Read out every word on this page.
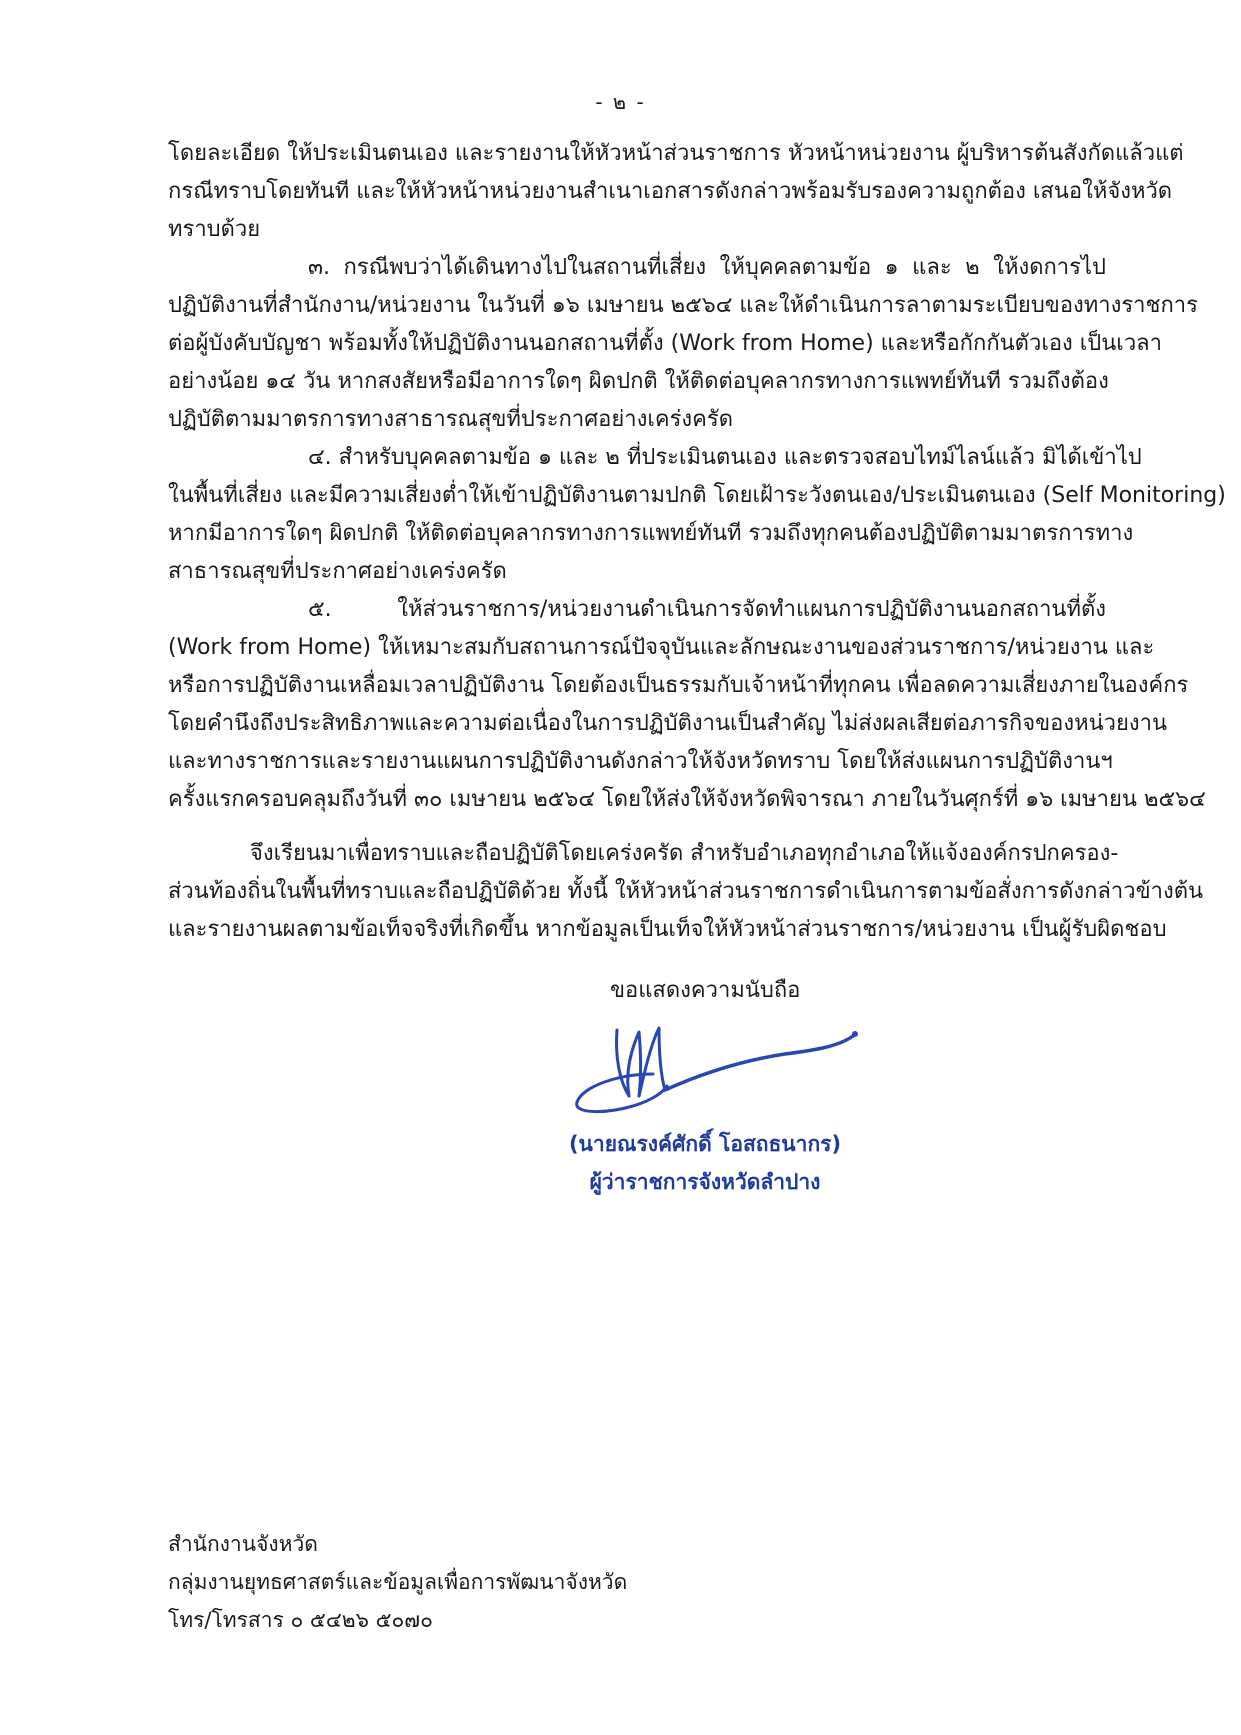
- ๒ -
โดยละเอียด ให้ประเมินตนเอง และรายงานให้หัวหน้าส่วนราชการ หัวหน้าหน่วยงาน ผู้บริหารต้นสังกัดแล้วแต่
กรณีทราบโดยทันที และให้หัวหน้าหน่วยงานสำเนาเอกสารดังกล่าวพร้อมรับรองความถูกต้อง เสนอให้จังหวัด
ทราบด้วย
๓. กรณีพบว่าได้เดินทางไปในสถานที่เสี่ยง ให้บุคคลตามข้อ ๑ และ ๒ ให้งดการไป
ปฏิบัติงานที่สำนักงาน/หน่วยงาน ในวันที่ ๑๖ เมษายน ๒๕๖๔ และให้ดำเนินการลาตามระเบียบของทางราชการ
ต่อผู้บังคับบัญชา พร้อมทั้งให้ปฏิบัติงานนอกสถานที่ตั้ง (Work from Home) และหรือกักกันตัวเอง เป็นเวลา
อย่างน้อย ๑๔ วัน หากสงสัยหรือมีอาการใดๆ ผิดปกติ ให้ติดต่อบุคลากรทางการแพทย์ทันที รวมถึงต้อง
ปฏิบัติตามมาตรการทางสาธารณสุขที่ประกาศอย่างเคร่งครัด
๔. สำหรับบุคคลตามข้อ ๑ และ ๒ ที่ประเมินตนเอง และตรวจสอบไทม์ไลน์แล้ว มิได้เข้าไป
ในพื้นที่เสี่ยง และมีความเสี่ยงต่ำให้เข้าปฏิบัติงานตามปกติ โดยเฝ้าระวังตนเอง/ประเมินตนเอง (Self Monitoring)
หากมีอาการใดๆ ผิดปกติ ให้ติดต่อบุคลากรทางการแพทย์ทันที รวมถึงทุกคนต้องปฏิบัติตามมาตรการทาง
สาธารณสุขที่ประกาศอย่างเคร่งครัด
๕. ให้ส่วนราชการ/หน่วยงานดำเนินการจัดทำแผนการปฏิบัติงานนอกสถานที่ตั้ง
(Work from Home) ให้เหมาะสมกับสถานการณ์ปัจจุบันและลักษณะงานของส่วนราชการ/หน่วยงาน และ
หรือการปฏิบัติงานเหลื่อมเวลาปฏิบัติงาน โดยต้องเป็นธรรมกับเจ้าหน้าที่ทุกคน เพื่อลดความเสี่ยงภายในองค์กร
โดยคำนึงถึงประสิทธิภาพและความต่อเนื่องในการปฏิบัติงานเป็นสำคัญ ไม่ส่งผลเสียต่อภารกิจของหน่วยงาน
และทางราชการและรายงานแผนการปฏิบัติงานดังกล่าวให้จังหวัดทราบ โดยให้ส่งแผนการปฏิบัติงานฯ
ครั้งแรกครอบคลุมถึงวันที่ ๓๐ เมษายน ๒๕๖๔ โดยให้ส่งให้จังหวัดพิจารณา ภายในวันศุกร์ที่ ๑๖ เมษายน ๒๕๖๔
จึงเรียนมาเพื่อทราบและถือปฏิบัติโดยเคร่งครัด สำหรับอำเภอทุกอำเภอให้แจ้งองค์กรปกครอง-
ส่วนท้องถิ่นในพื้นที่ทราบและถือปฏิบัติด้วย ทั้งนี้ ให้หัวหน้าส่วนราชการดำเนินการตามข้อสั่งการดังกล่าวข้างต้น
และรายงานผลตามข้อเท็จจริงที่เกิดขึ้น หากข้อมูลเป็นเท็จให้หัวหน้าส่วนราชการ/หน่วยงาน เป็นผู้รับผิดชอบ
ขอแสดงความนับถือ
(นายณรงค์ศักดิ์ โอสถธนากร)
ผู้ว่าราชการจังหวัดลำปาง
สำนักงานจังหวัด
กลุ่มงานยุทธศาสตร์และข้อมูลเพื่อการพัฒนาจังหวัด
โทร/โทรสาร ๐ ๕๔๒๖ ๕๐๗๐
